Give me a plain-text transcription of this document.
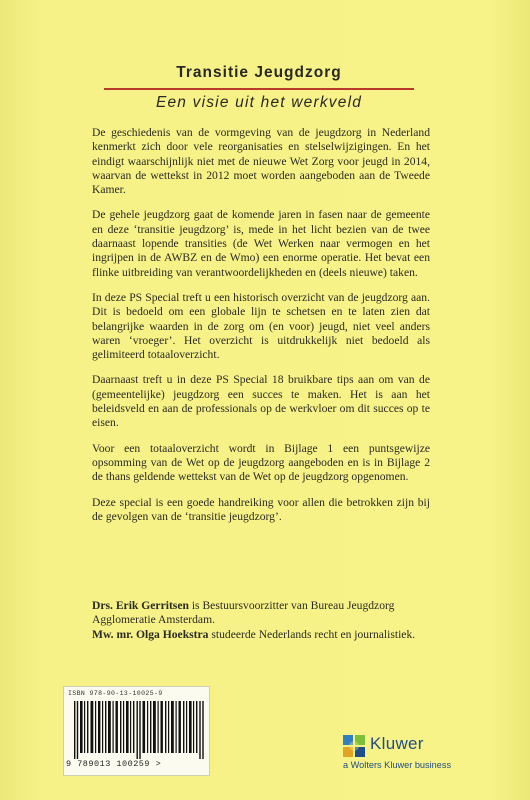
Transitie Jeugdzorg
Een visie uit het werkveld

De geschiedenis van de vormgeving van de jeugdzorg in Nederland kenmerkt zich door vele reorganisaties en stelselwijzigingen. En het eindigt waarschijnlijk niet met de nieuwe Wet Zorg voor jeugd in 2014, waarvan de wettekst in 2012 moet worden aangeboden aan de Tweede Kamer.

De gehele jeugdzorg gaat de komende jaren in fasen naar de gemeente en deze ‘transitie jeugdzorg’ is, mede in het licht bezien van de twee daarnaast lopende transities (de Wet Werken naar vermogen en het ingrijpen in de AWBZ en de Wmo) een enorme operatie. Het bevat een flinke uitbreiding van verantwoordelijkheden en (deels nieuwe) taken.

In deze PS Special treft u een historisch overzicht van de jeugdzorg aan. Dit is bedoeld om een globale lijn te schetsen en te laten zien dat belangrijke waarden in de zorg om (en voor) jeugd, niet veel anders waren ‘vroeger’. Het overzicht is uitdrukkelijk niet bedoeld als gelimiteerd totaaloverzicht.

Daarnaast treft u in deze PS Special 18 bruikbare tips aan om van de (gemeentelijke) jeugdzorg een succes te maken. Het is aan het beleidsveld en aan de professionals op de werkvloer om dit succes op te eisen.

Voor een totaaloverzicht wordt in Bijlage 1 een puntsgewijze opsomming van de Wet op de jeugdzorg aangeboden en is in Bijlage 2 de thans geldende wettekst van de Wet op de jeugdzorg opgenomen.

Deze special is een goede handreiking voor allen die betrokken zijn bij de gevolgen van de ‘transitie jeugdzorg’.

Drs. Erik Gerritsen is Bestuursvoorzitter van Bureau Jeugdzorg Agglomeratie Amsterdam.

Mw. mr. Olga Hoekstra studeerde Nederlands recht en journalistiek.

ISBN 978-90-13-10025-9
9 789013 100259 >
Kluwer
a Wolters Kluwer business
